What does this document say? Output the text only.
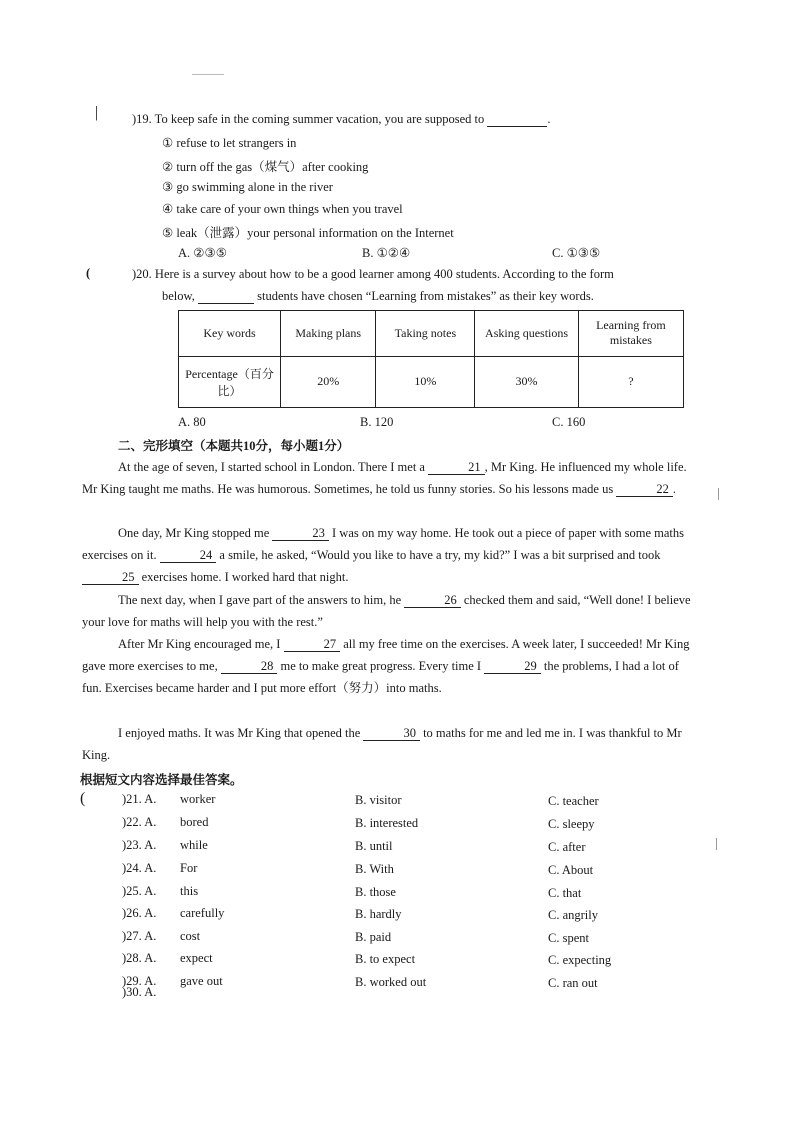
|	)19. To keep safe in the coming summer vacation, you are supposed to	.
① refuse to let strangers in
② turn off the gas（煤气）after cooking
③ go swimming alone in the river
④ take care of your own things when you travel
⑤ leak（泄露）your personal information on the Internet
A. ②③⑤	B. ①②④	C. ①③⑤
(	)20. Here is a survey about how to be a good learner among 400 students. According to the form
below,	students have chosen “Learning from mistakes” as their key words.
Key words	Making plans	Taking notes	Asking questions	Learning from mistakes
Percentage（百分比）	20%	10%	30%	?
A. 80	B. 120	C. 160
二、完形填空（本题共10分，每小题1分）
At the age of seven, I started school in London. There I met a	21 , Mr King. He influenced my whole life. Mr King taught me maths. He was humorous. Sometimes, he told us funny stories. So his lessons made us	22 .
One day, Mr King stopped me	23 I was on my way home. He took out a piece of paper with some maths exercises on it.	24 a smile, he asked, “Would you like to have a try, my kid?” I was a bit surprised and took 25 exercises home. I worked hard that night.
The next day, when I gave part of the answers to him, he	26 checked them and said, “Well done! I believe your love for maths will help you with the rest.”
After Mr King encouraged me, I	27 all my free time on the exercises. A week later, I succeeded! Mr King gave more exercises to me,	28 me to make great progress. Every time I	29 the problems, I had a lot of fun. Exercises became harder and I put more effort（努力）into maths.
I enjoyed maths. It was Mr King that opened the	30 to maths for me and led me in. I was thankful to Mr King.
根据短文内容选择最佳答案。
(	)21. A. worker	B. visitor	C. teacher
)22. A. bored	B. interested	C. sleepy
)23. A. while	B. until	C. after
)24. A. For	B. With	C. About
)25. A. this	B. those	C. that
)26. A. carefully	B. hardly	C. angrily
)27. A. cost	B. paid	C. spent
)28. A. expect	B. to expect	C. expecting
)29. A. gave out	B. worked out	C. ran out
)30. A.
